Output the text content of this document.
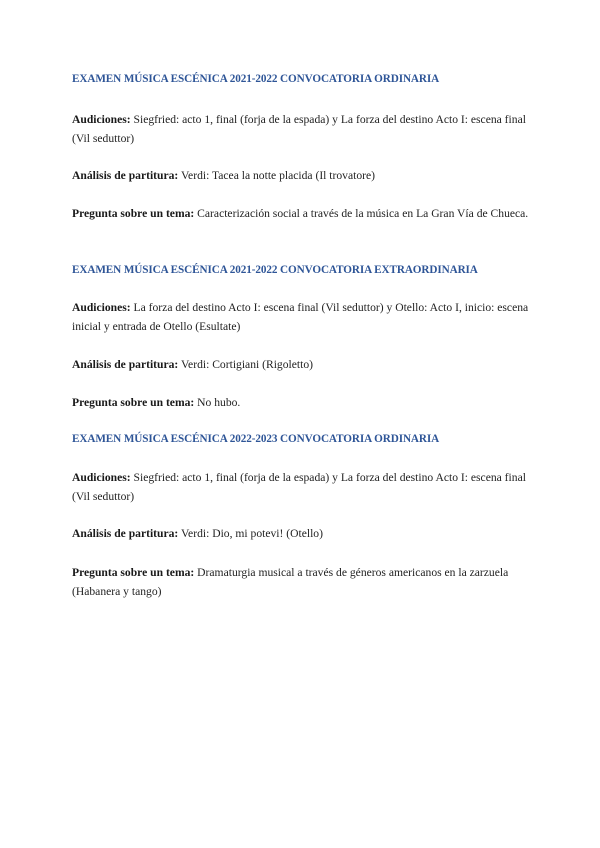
EXAMEN MÚSICA ESCÉNICA 2021-2022 CONVOCATORIA ORDINARIA

Audiciones: Siegfried: acto 1, final (forja de la espada) y La forza del destino Acto I: escena final (Vil seduttor)

Análisis de partitura: Verdi: Tacea la notte placida (Il trovatore)

Pregunta sobre un tema: Caracterización social a través de la música en La Gran Vía de Chueca.

EXAMEN MÚSICA ESCÉNICA 2021-2022 CONVOCATORIA EXTRAORDINARIA

Audiciones: La forza del destino Acto I: escena final (Vil seduttor) y Otello: Acto I, inicio: escena inicial y entrada de Otello (Esultate)

Análisis de partitura: Verdi: Cortigiani (Rigoletto)

Pregunta sobre un tema: No hubo.

EXAMEN MÚSICA ESCÉNICA 2022-2023 CONVOCATORIA ORDINARIA

Audiciones: Siegfried: acto 1, final (forja de la espada) y La forza del destino Acto I: escena final (Vil seduttor)

Análisis de partitura: Verdi: Dio, mi potevi! (Otello)

Pregunta sobre un tema: Dramaturgia musical a través de géneros americanos en la zarzuela (Habanera y tango)
